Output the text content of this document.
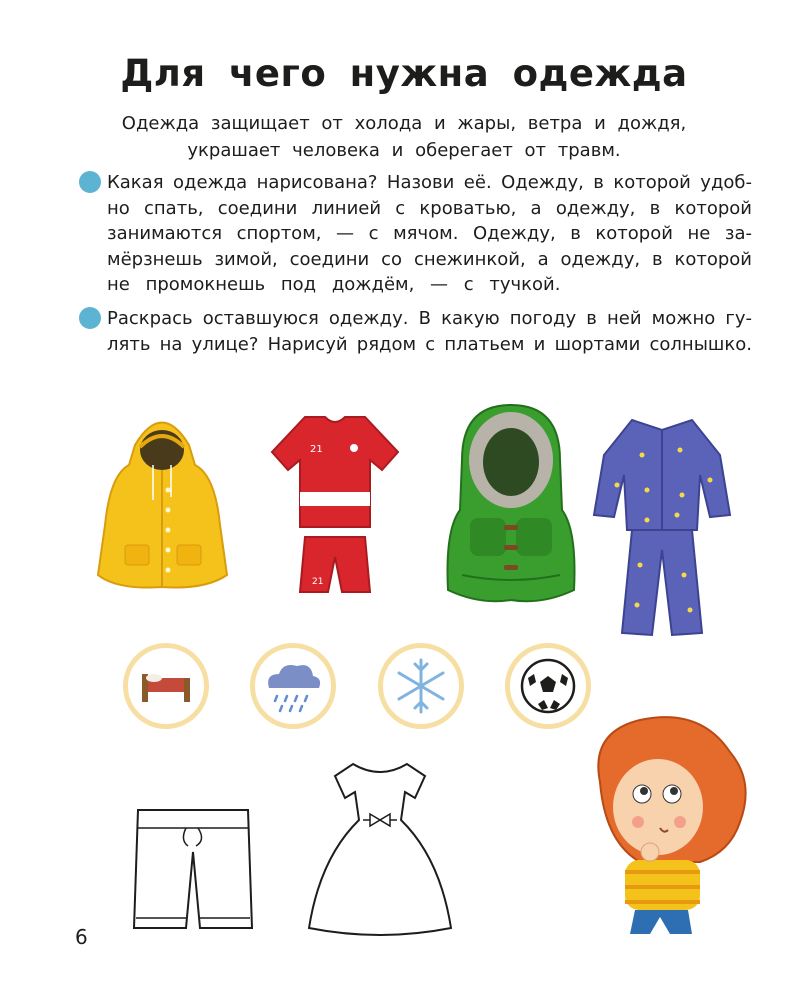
Для чего нужна одежда
Одежда защищает от холода и жары, ветра и дождя,
украшает человека и оберегает от травм.
Какая одежда нарисована? Назови её. Одежду, в которой удоб-
но спать, соедини линией с кроватью, а одежду, в которой
занимаются спортом, — с мячом. Одежду, в которой не за-
мёрзнешь зимой, соедини со снежинкой, а одежду, в которой
не промокнешь под дождём, — с тучкой.
Раскрась оставшуюся одежду. В какую погоду в ней можно гу-
лять на улице? Нарисуй рядом с платьем и шортами солнышко.
21
21
6
